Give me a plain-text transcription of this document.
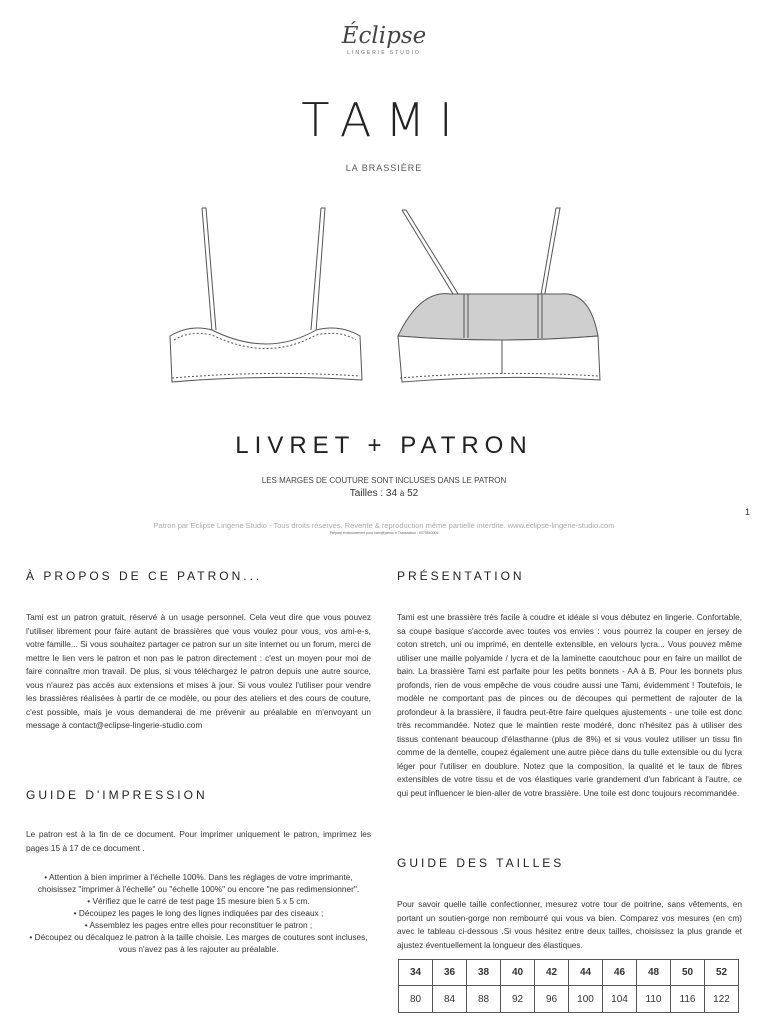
Éclipse
LINGERIE STUDIO
TAMI
LA BRASSIÈRE
LIVRET + PATRON
LES MARGES DE COUTURE SONT INCLUSES DANS LE PATRON
Tailles : 34 à 52
1
Patron par Eclipse Lingerie Studio - Tous droits réservés. Revente & reproduction même partielle interdite. www.eclipse-lingerie-studio.com
Préparé exclusivement pour kam@yahoo.fr Transaction : 0070540009
À PROPOS DE CE PATRON...
Tami est un patron gratuit, réservé à un usage personnel. Cela veut dire que vous pouvez l'utiliser librement pour faire autant de brassières que vous voulez pour vous, vos ami-e-s, votre famille... Si vous souhaitez partager ce patron sur un site internet ou un forum, merci de mettre le lien vers le patron et non pas le patron directement : c'est un moyen pour moi de faire connaître mon travail. De plus, si vous téléchargez le patron depuis une autre source, vous n'aurez pas accès aux extensions et mises à jour. Si vous voulez l'utiliser pour vendre les brassières réalisées à partir de ce modèle, ou pour des ateliers et des cours de couture, c'est possible, mais je vous demanderai de me prévenir au préalable en m'envoyant un message à contact@eclipse-lingerie-studio.com
GUIDE D'IMPRESSION
Le patron est à la fin de ce document. Pour imprimer uniquement le patron, imprimez les pages 15 à 17 de ce document .
• Attention à bien imprimer à l'échelle 100%. Dans les réglages de votre imprimante, choisissez "imprimer à l'échelle" ou "échelle 100%" ou encore "ne pas redimensionner".
• Vérifiez que le carré de test page 15 mesure bien 5 x 5 cm.
• Découpez les pages le long des lignes indiquées par des ciseaux ;
• Assemblez les pages entre elles pour reconstituer le patron ;
• Découpez ou décalquez le patron à la taille choisie. Les marges de coutures sont incluses, vous n'avez pas à les rajouter au préalable.
PRÉSENTATION
Tami est une brassière très facile à coudre et idéale si vous débutez en lingerie. Confortable, sa coupe basique s'accorde avec toutes vos envies : vous pourrez la couper en jersey de coton stretch, uni ou imprimé, en dentelle extensible, en velours lycra... Vous pouvez même utiliser une maille polyamide / lycra et de la laminette caoutchouc pour en faire un maillot de bain. La brassière Tami est parfaite pour les petits bonnets - AA à B. Pour les bonnets plus profonds, rien de vous empêche de vous coudre aussi une Tami, évidemment ! Toutefois, le modèle ne comportant pas de pinces ou de découpes qui permettent de rajouter de la profondeur à la brassière, il faudra peut-être faire quelques ajustements - une toile est donc très recommandée. Notez que le maintien reste modéré, donc n'hésitez pas à utiliser des tissus contenant beaucoup d'élasthanne (plus de 8%) et si vous voulez utiliser un tissu fin comme de la dentelle, coupez également une autre pièce dans du tulle extensible ou du lycra léger pour l'utiliser en doublure. Notez que la composition, la qualité et le taux de fibres extensibles de votre tissu et de vos élastiques varie grandement d'un fabricant à l'autre, ce qui peut influencer le bien-aller de votre brassière. Une toile est donc toujours recommandée.
GUIDE DES TAILLES
Pour savoir quelle taille confectionner, mesurez votre tour de poitrine, sans vêtements, en portant un soutien-gorge non rembourré qui vous va bien. Comparez vos mesures (en cm) avec le tableau ci-dessous .Si vous hésitez entre deux tailles, choisissez la plus grande et ajustez éventuellement la longueur des élastiques.
34	36	38	40	42	44	46	48	50	52
80	84	88	92	96	100	104	110	116	122
